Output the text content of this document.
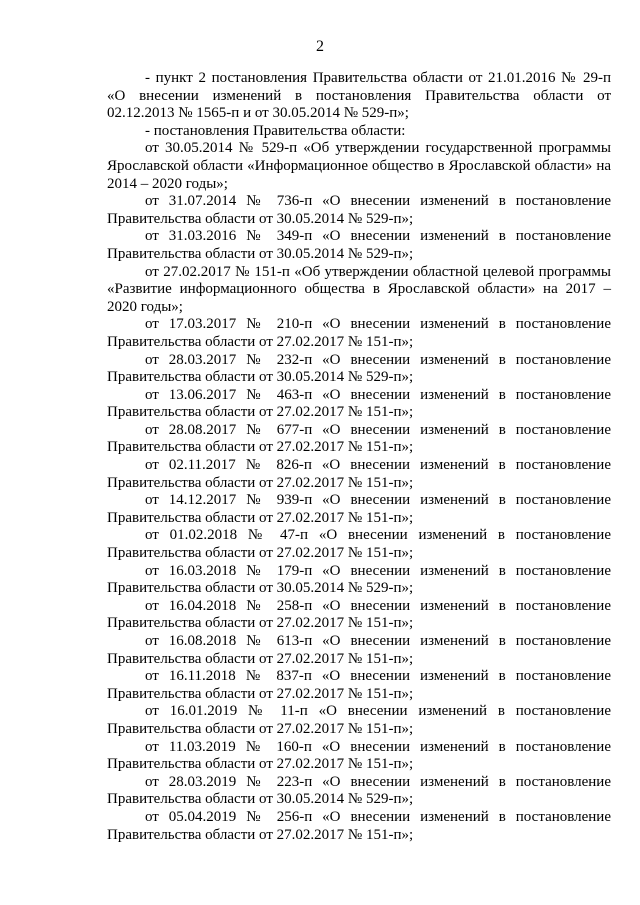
2

- пункт 2 постановления Правительства области от 21.01.2016 № 29-п «О внесении изменений в постановления Правительства области от 02.12.2013 № 1565-п и от 30.05.2014 № 529-п»;

- постановления Правительства области:

от 30.05.2014 № 529-п «Об утверждении государственной программы Ярославской области «Информационное общество в Ярославской области» на 2014 – 2020 годы»;

от 31.07.2014 № 736-п «О внесении изменений в постановление Правительства области от 30.05.2014 № 529-п»;

от 31.03.2016 № 349-п «О внесении изменений в постановление Правительства области от 30.05.2014 № 529-п»;

от 27.02.2017 № 151-п «Об утверждении областной целевой программы «Развитие информационного общества в Ярославской области» на 2017 – 2020 годы»;

от 17.03.2017 № 210-п «О внесении изменений в постановление Правительства области от 27.02.2017 № 151-п»;

от 28.03.2017 № 232-п «О внесении изменений в постановление Правительства области от 30.05.2014 № 529-п»;

от 13.06.2017 № 463-п «О внесении изменений в постановление Правительства области от 27.02.2017 № 151-п»;

от 28.08.2017 № 677-п «О внесении изменений в постановление Правительства области от 27.02.2017 № 151-п»;

от 02.11.2017 № 826-п «О внесении изменений в постановление Правительства области от 27.02.2017 № 151-п»;

от 14.12.2017 № 939-п «О внесении изменений в постановление Правительства области от 27.02.2017 № 151-п»;

от 01.02.2018 № 47-п «О внесении изменений в постановление Правительства области от 27.02.2017 № 151-п»;

от 16.03.2018 № 179-п «О внесении изменений в постановление Правительства области от 30.05.2014 № 529-п»;

от 16.04.2018 № 258-п «О внесении изменений в постановление Правительства области от 27.02.2017 № 151-п»;

от 16.08.2018 № 613-п «О внесении изменений в постановление Правительства области от 27.02.2017 № 151-п»;

от 16.11.2018 № 837-п «О внесении изменений в постановление Правительства области от 27.02.2017 № 151-п»;

от 16.01.2019 № 11-п «О внесении изменений в постановление Правительства области от 27.02.2017 № 151-п»;

от 11.03.2019 № 160-п «О внесении изменений в постановление Правительства области от 27.02.2017 № 151-п»;

от 28.03.2019 № 223-п «О внесении изменений в постановление Правительства области от 30.05.2014 № 529-п»;

от 05.04.2019 № 256-п «О внесении изменений в постановление Правительства области от 27.02.2017 № 151-п»;
